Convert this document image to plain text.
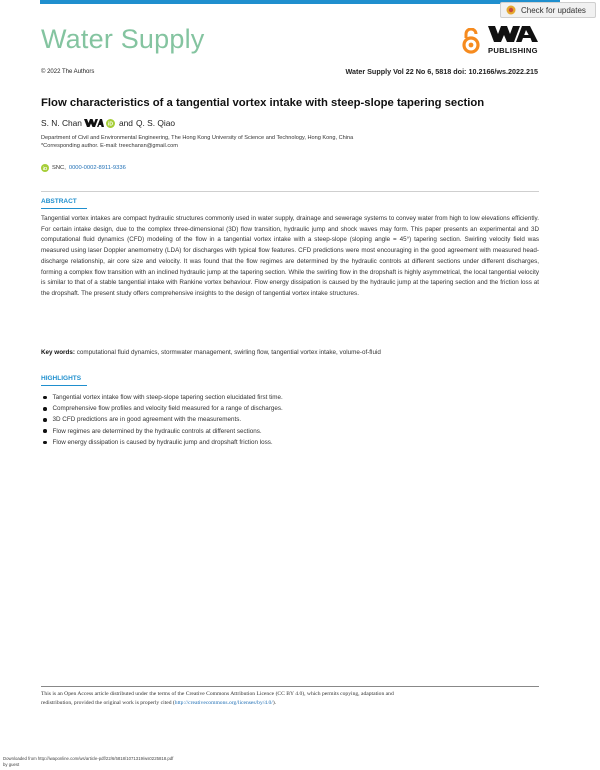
Check for updates
Water Supply	PUBLISHING
© 2022 The Authors	Water Supply Vol 22 No 6, 5818 doi: 10.2166/ws.2022.215
Flow characteristics of a tangential vortex intake with steep-slope tapering section
S. N. Chan	iD and Q. S. Qiao
Department of Civil and Environmental Engineering, The Hong Kong University of Science and Technology, Hong Kong, China
*Corresponding author. E-mail: treechansn@gmail.com
iD SNC, 0000-0002-8911-9336
ABSTRACT
Tangential vortex intakes are compact hydraulic structures commonly used in water supply, drainage and sewerage systems to convey water from high to low elevations efficiently. For certain intake design, due to the complex three-dimensional (3D) flow transition, hydraulic jump and shock waves may form. This paper presents an experimental and 3D computational fluid dynamics (CFD) modeling of the flow in a tangential vortex intake with a steep-slope (sloping angle = 45°) tapering section. Swirling velocity field was measured using laser Doppler anemometry (LDA) for discharges with typical flow features. CFD predictions were most encouraging in the good agreement with measured head-discharge relationship, air core size and velocity. It was found that the flow regimes are determined by the hydraulic controls at different sections under different discharges, forming a complex flow transition with an inclined hydraulic jump at the tapering section. While the swirling flow in the dropshaft is highly asymmetrical, the local tangential velocity is similar to that of a stable tangential intake with Rankine vortex behaviour. Flow energy dissipation is caused by the hydraulic jump at the tapering section and the friction loss at the dropshaft. The present study offers comprehensive insights to the design of tangential vortex intake structures.
Key words: computational fluid dynamics, stormwater management, swirling flow, tangential vortex intake, volume-of-fluid
HIGHLIGHTS
Tangential vortex intake flow with steep-slope tapering section elucidated first time.
Comprehensive flow profiles and velocity field measured for a range of discharges.
3D CFD predictions are in good agreement with the measurements.
Flow regimes are determined by the hydraulic controls at different sections.
Flow energy dissipation is caused by hydraulic jump and dropshaft friction loss.
This is an Open Access article distributed under the terms of the Creative Commons Attribution Licence (CC BY 4.0), which permits copying, adaptation and
redistribution, provided the original work is properly cited (http://creativecommons.org/licenses/by/4.0/).
Downloaded from http://iwaponline.com/ws/article-pdf/22/6/5818/1071319/ws0225818.pdf
by guest
